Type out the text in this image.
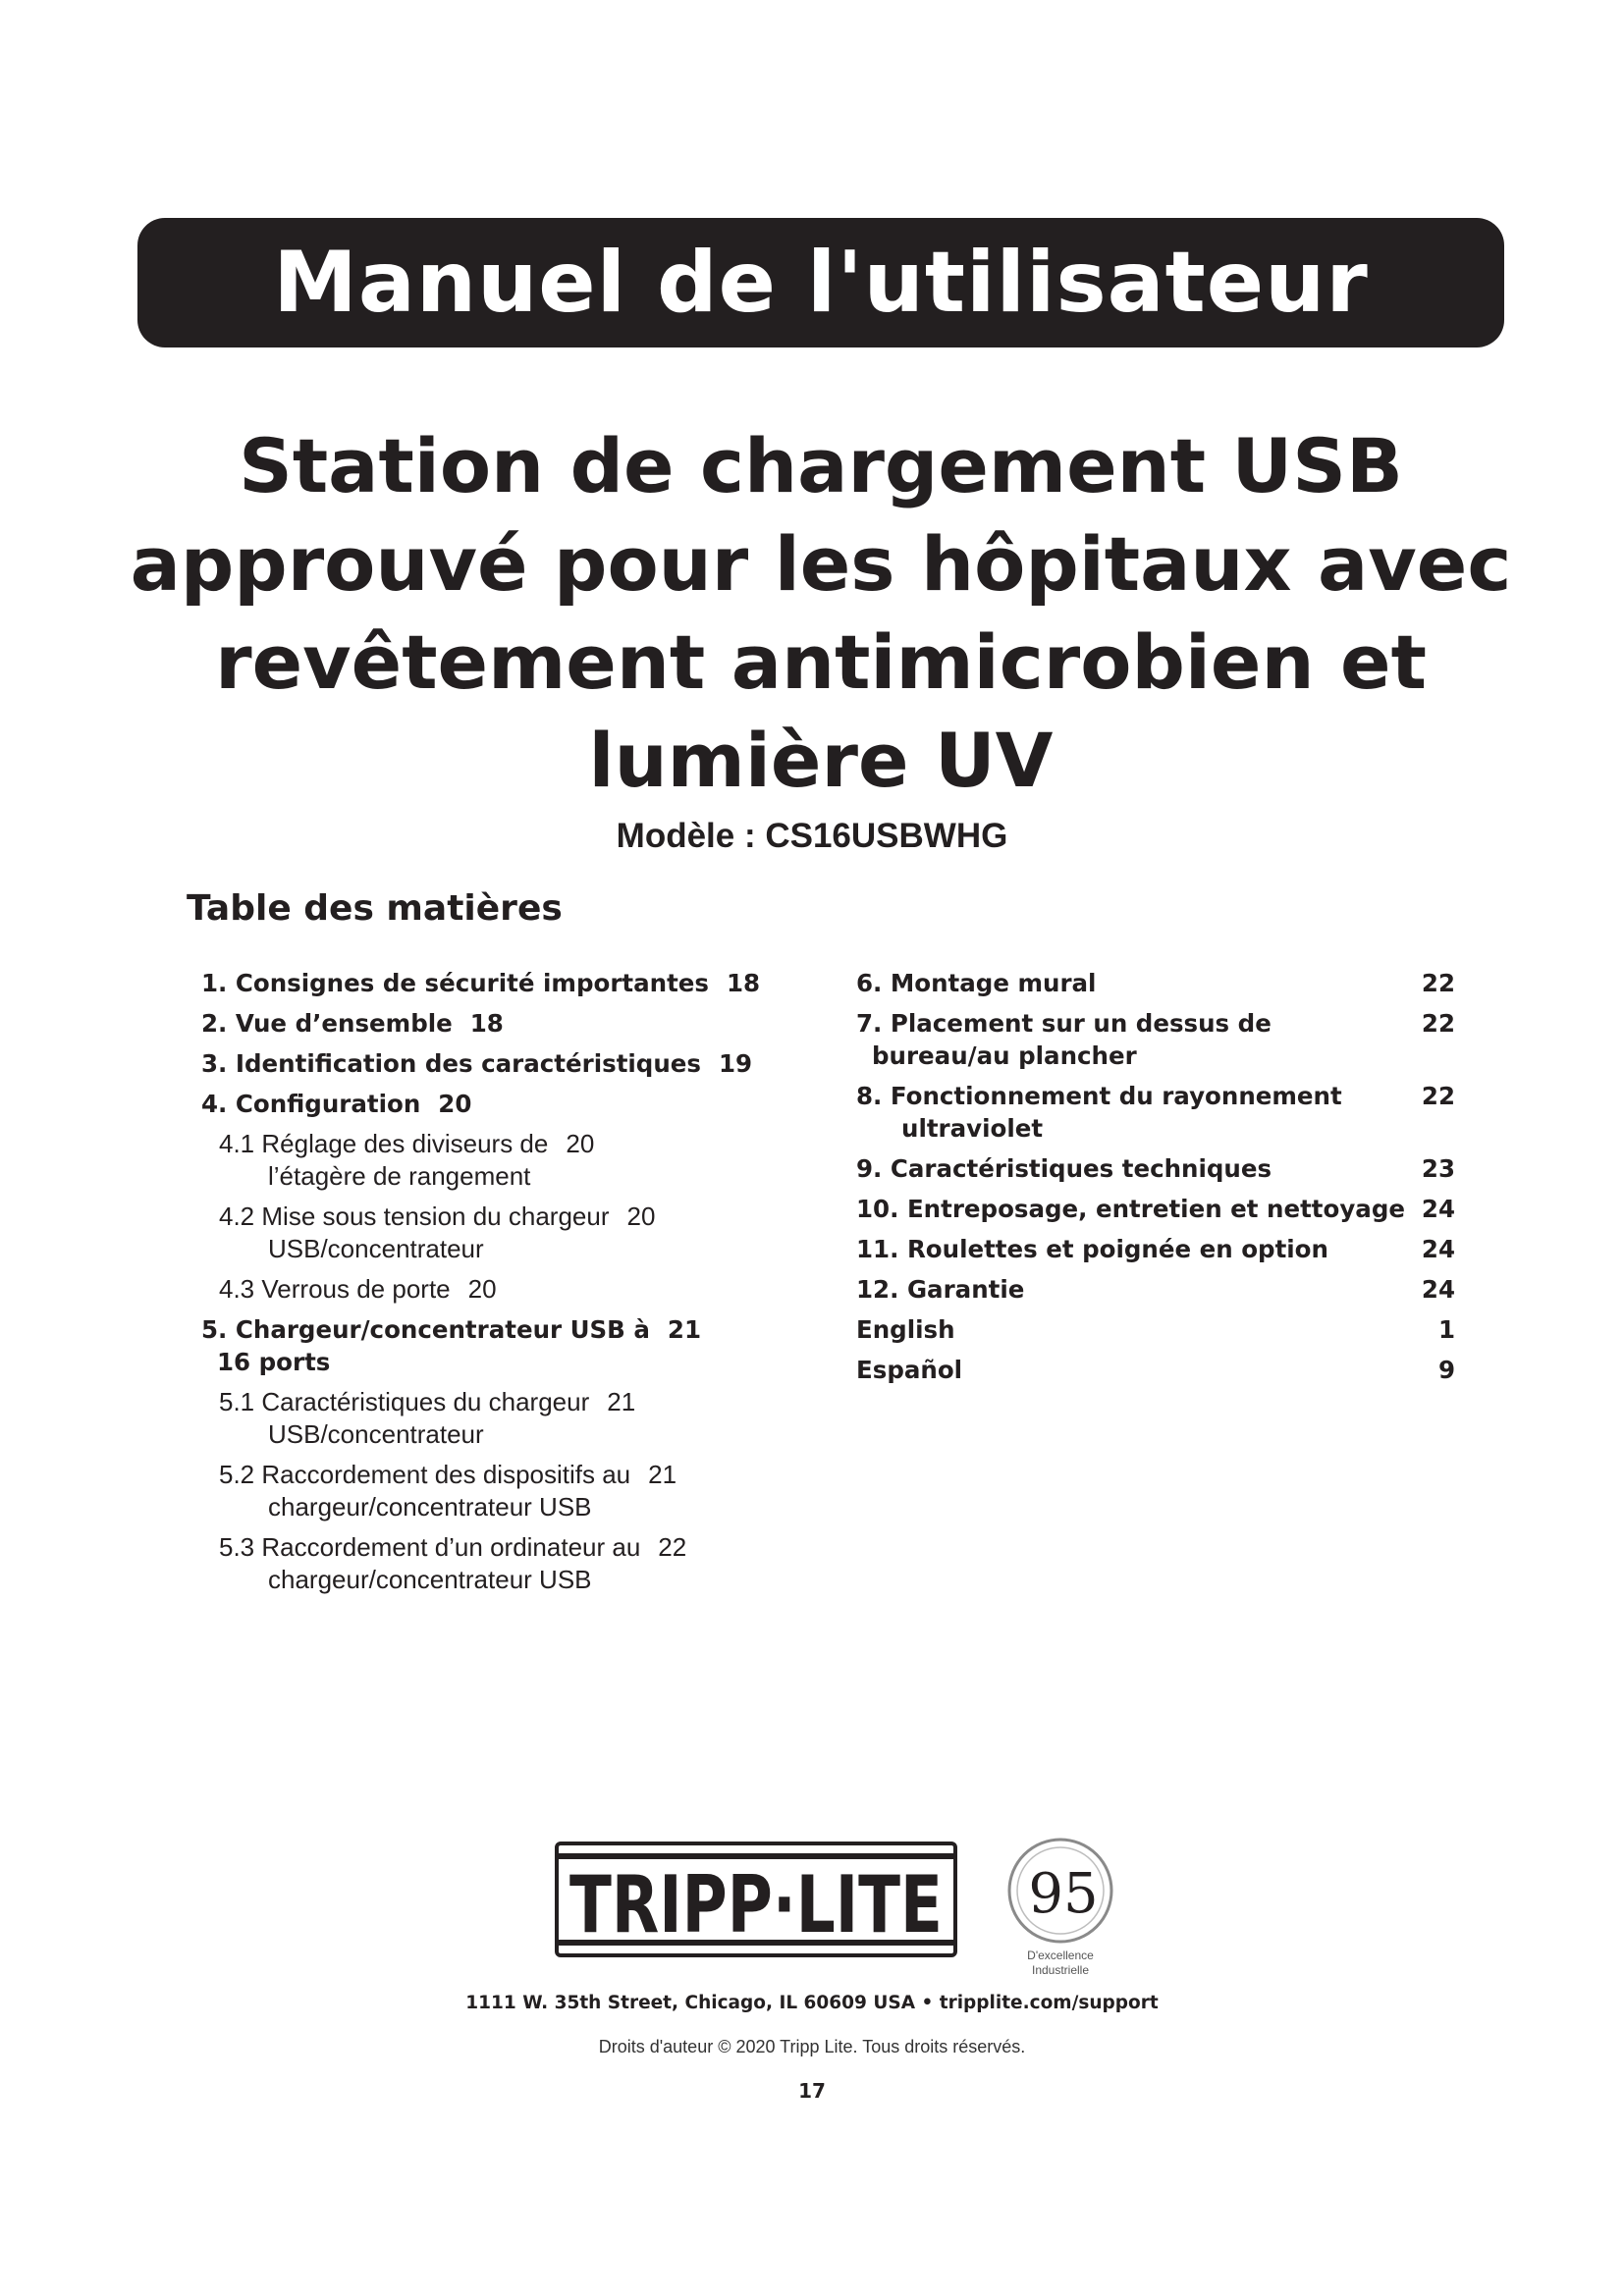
Manuel de l'utilisateur
Station de chargement USB
approuvé pour les hôpitaux avec
revêtement antimicrobien et
lumière UV
Modèle : CS16USBWHG
Table des matières
1. Consignes de sécurité importantes 18
2. Vue d’ensemble 18
3. Identification des caractéristiques 19
4. Configuration 20
4.1 Réglage des diviseurs de 20
l’étagère de rangement
4.2 Mise sous tension du chargeur 20
USB/concentrateur
4.3 Verrous de porte 20
5. Chargeur/concentrateur USB à 21
16 ports
5.1 Caractéristiques du chargeur 21
USB/concentrateur
5.2 Raccordement des dispositifs au 21
chargeur/concentrateur USB
5.3 Raccordement d’un ordinateur au 22
chargeur/concentrateur USB
6. Montage mural	22
7. Placement sur un dessus de	22
bureau/au plancher
8. Fonctionnement du rayonnement	22
ultraviolet
9. Caractéristiques techniques	23
10. Entreposage, entretien et nettoyage 24
11. Roulettes et poignée en option	24
12. Garantie	24
English	1
Español	9
TRIPP·LITE 95
D'excellence
Industrielle
1111 W. 35th Street, Chicago, IL 60609 USA • tripplite.com/support
Droits d'auteur © 2020 Tripp Lite. Tous droits réservés.
17
